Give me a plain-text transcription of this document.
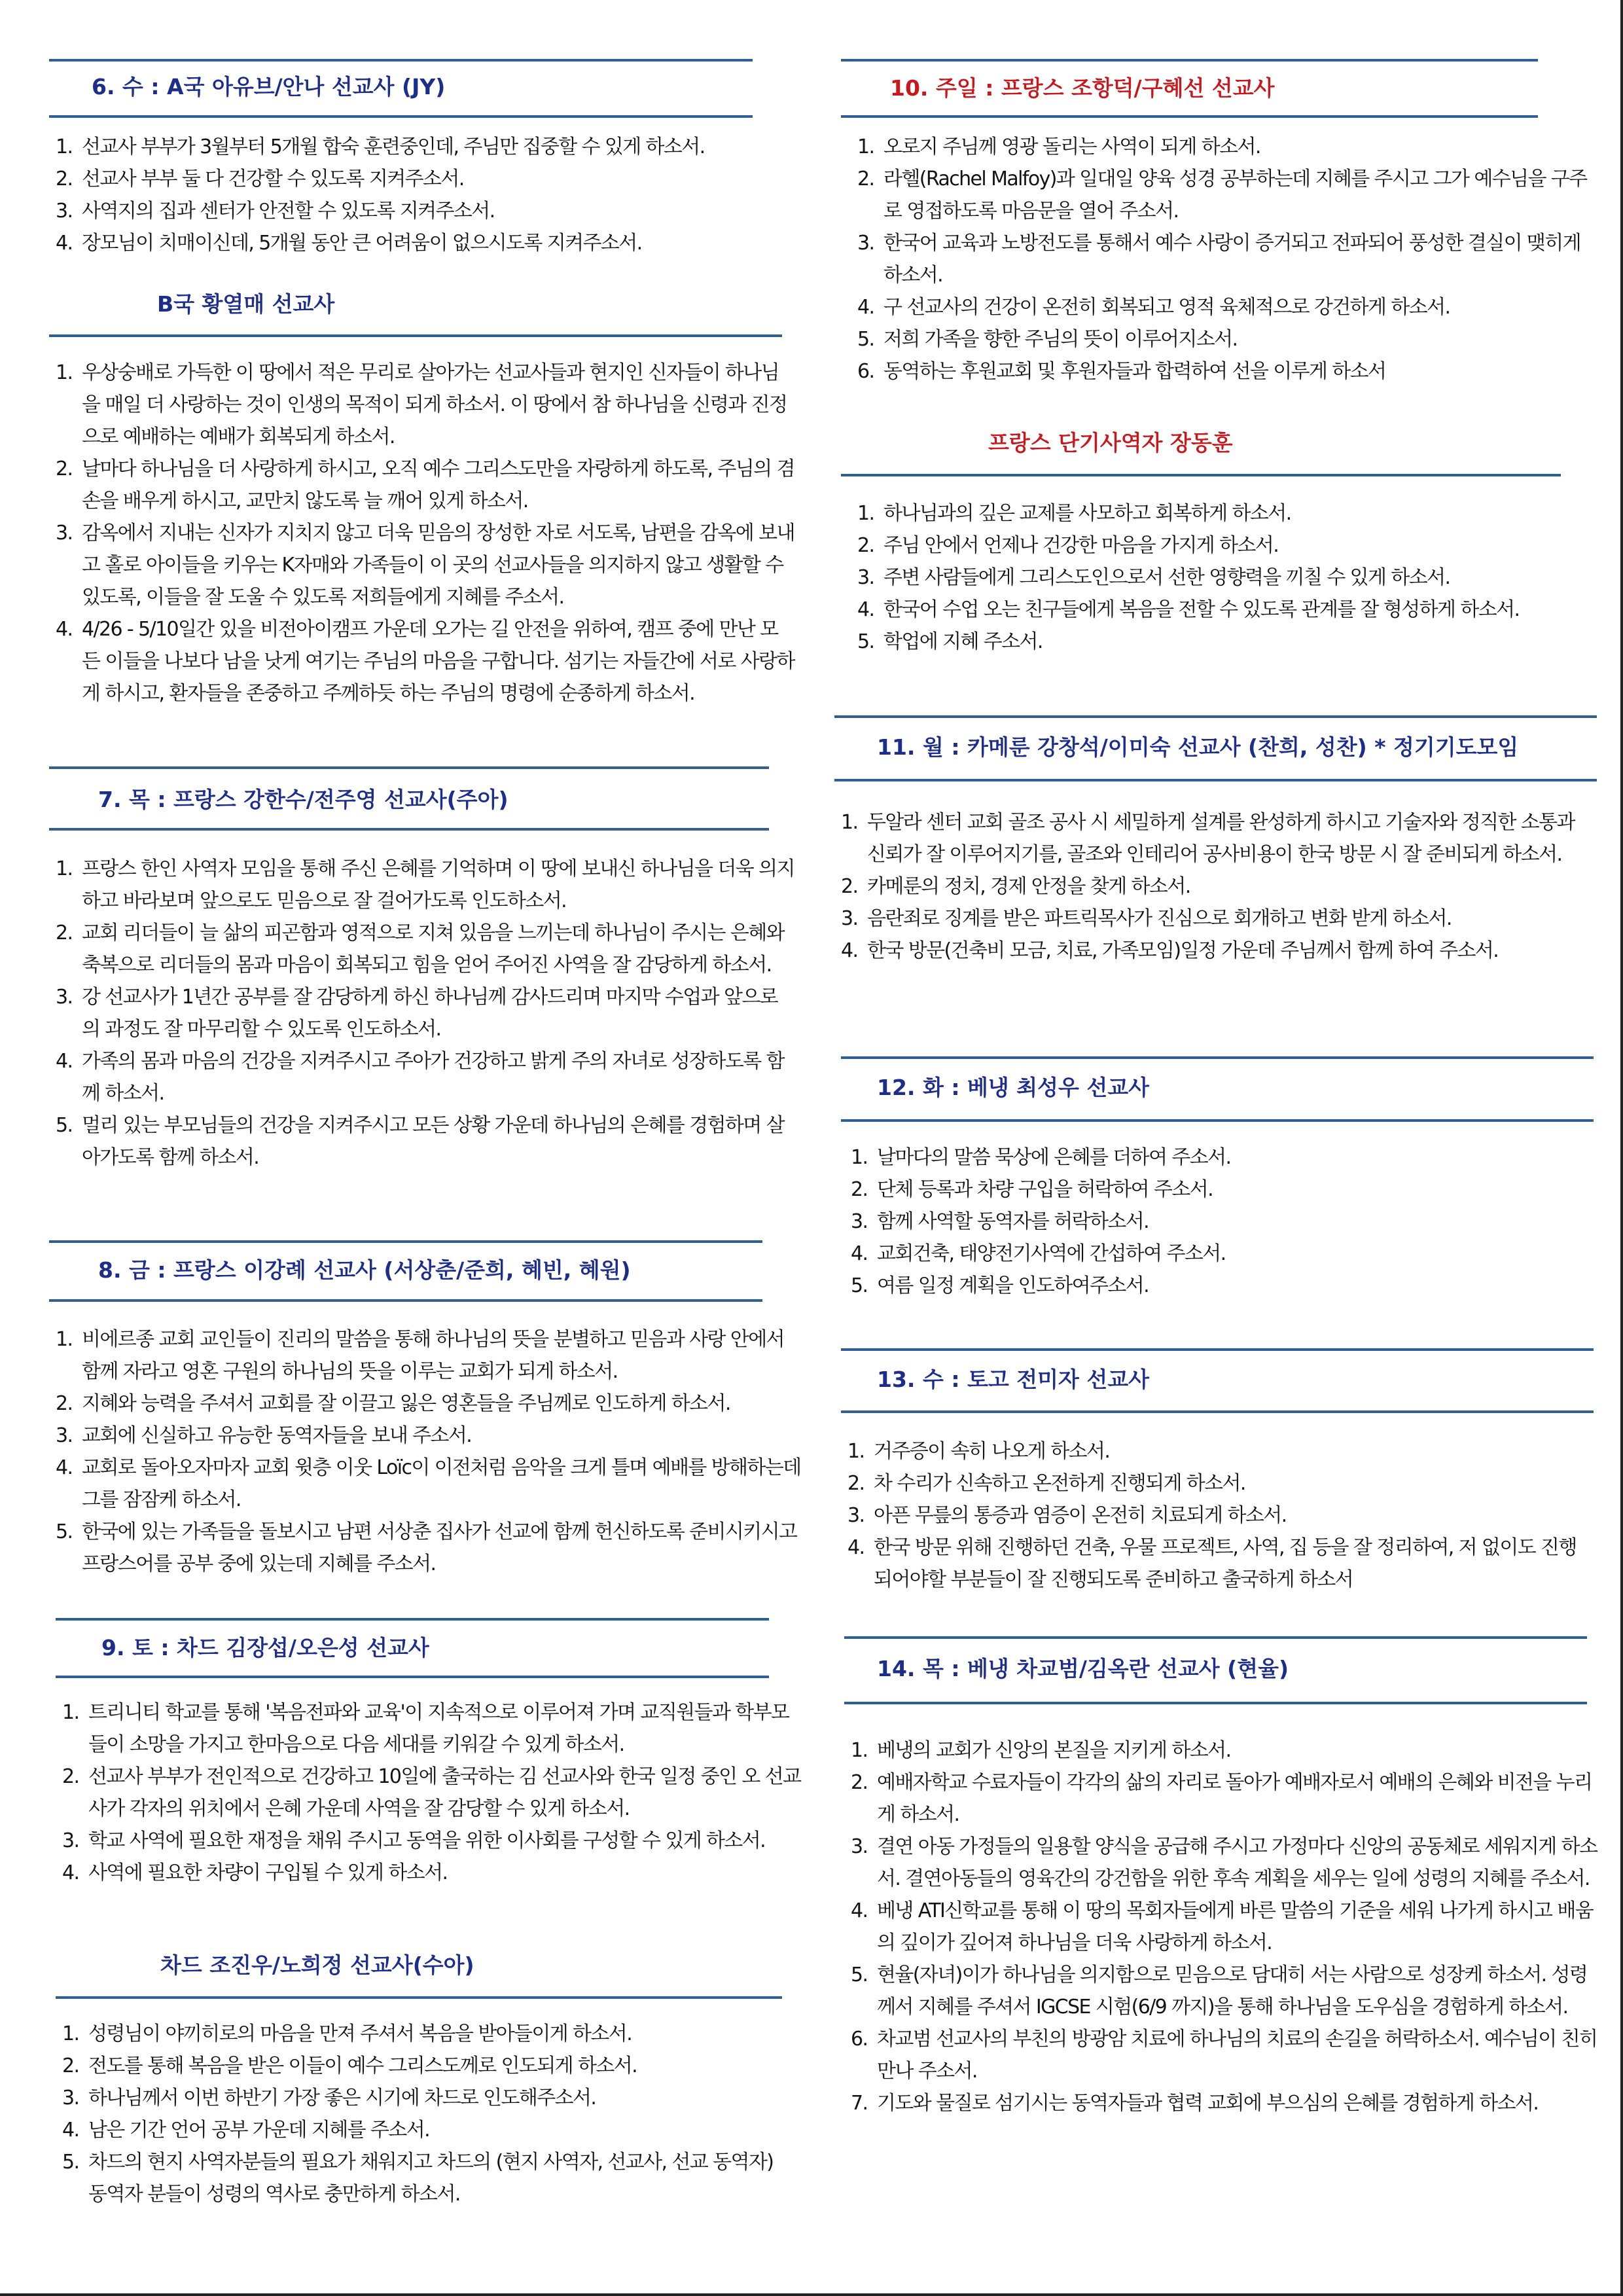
6. 수 : A국 아유브/안나 선교사 (JY)
1. 선교사 부부가 3월부터 5개월 합숙 훈련중인데, 주님만 집중할 수 있게 하소서.
2. 선교사 부부 둘 다 건강할 수 있도록 지켜주소서.
3. 사역지의 집과 센터가 안전할 수 있도록 지켜주소서.
4. 장모님이 치매이신데, 5개월 동안 큰 어려움이 없으시도록 지켜주소서.
B국 황열매 선교사
1. 우상숭배로 가득한 이 땅에서 적은 무리로 살아가는 선교사들과 현지인 신자들이 하나님을 매일 더 사랑하는 것이 인생의 목적이 되게 하소서. 이 땅에서 참 하나님을 신령과 진정으로 예배하는 예배가 회복되게 하소서.
2. 날마다 하나님을 더 사랑하게 하시고, 오직 예수 그리스도만을 자랑하게 하도록, 주님의 겸손을 배우게 하시고, 교만치 않도록 늘 깨어 있게 하소서.
3. 감옥에서 지내는 신자가 지치지 않고 더욱 믿음의 장성한 자로 서도록, 남편을 감옥에 보내고 홀로 아이들을 키우는 K자매와 가족들이 이 곳의 선교사들을 의지하지 않고 생활할 수 있도록, 이들을 잘 도울 수 있도록 저희들에게 지혜를 주소서.
4. 4/26 - 5/10일간 있을 비전아이캠프 가운데 오가는 길 안전을 위하여, 캠프 중에 만난 모든 이들을 나보다 남을 낫게 여기는 주님의 마음을 구합니다. 섬기는 자들간에 서로 사랑하게 하시고, 환자들을 존중하고 주께하듯 하는 주님의 명령에 순종하게 하소서.
7. 목 : 프랑스 강한수/전주영 선교사(주아)
1. 프랑스 한인 사역자 모임을 통해 주신 은혜를 기억하며 이 땅에 보내신 하나님을 더욱 의지하고 바라보며 앞으로도 믿음으로 잘 걸어가도록 인도하소서.
2. 교회 리더들이 늘 삶의 피곤함과 영적으로 지쳐 있음을 느끼는데 하나님이 주시는 은혜와 축복으로 리더들의 몸과 마음이 회복되고 힘을 얻어 주어진 사역을 잘 감당하게 하소서.
3. 강 선교사가 1년간 공부를 잘 감당하게 하신 하나님께 감사드리며 마지막 수업과 앞으로의 과정도 잘 마무리할 수 있도록 인도하소서.
4. 가족의 몸과 마음의 건강을 지켜주시고 주아가 건강하고 밝게 주의 자녀로 성장하도록 함께 하소서.
5. 멀리 있는 부모님들의 건강을 지켜주시고 모든 상황 가운데 하나님의 은혜를 경험하며 살아가도록 함께 하소서.
8. 금 : 프랑스 이강례 선교사 (서상춘/준희, 혜빈, 혜원)
1. 비에르종 교회 교인들이 진리의 말씀을 통해 하나님의 뜻을 분별하고 믿음과 사랑 안에서 함께 자라고 영혼 구원의 하나님의 뜻을 이루는 교회가 되게 하소서.
2. 지혜와 능력을 주셔서 교회를 잘 이끌고 잃은 영혼들을 주님께로 인도하게 하소서.
3. 교회에 신실하고 유능한 동역자들을 보내 주소서.
4. 교회로 돌아오자마자 교회 윗층 이웃 Loïc이 이전처럼 음악을 크게 틀며 예배를 방해하는데 그를 잠잠케 하소서.
5. 한국에 있는 가족들을 돌보시고 남편 서상춘 집사가 선교에 함께 헌신하도록 준비시키시고 프랑스어를 공부 중에 있는데 지혜를 주소서.
9. 토 : 차드 김장섭/오은성 선교사
1. 트리니티 학교를 통해 '복음전파와 교육'이 지속적으로 이루어져 가며 교직원들과 학부모들이 소망을 가지고 한마음으로 다음 세대를 키워갈 수 있게 하소서.
2. 선교사 부부가 전인적으로 건강하고 10일에 출국하는 김 선교사와 한국 일정 중인 오 선교사가 각자의 위치에서 은혜 가운데 사역을 잘 감당할 수 있게 하소서.
3. 학교 사역에 필요한 재정을 채워 주시고 동역을 위한 이사회를 구성할 수 있게 하소서.
4. 사역에 필요한 차량이 구입될 수 있게 하소서.
차드 조진우/노희정 선교사(수아)
1. 성령님이 야끼히로의 마음을 만져 주셔서 복음을 받아들이게 하소서.
2. 전도를 통해 복음을 받은 이들이 예수 그리스도께로 인도되게 하소서.
3. 하나님께서 이번 하반기 가장 좋은 시기에 차드로 인도해주소서.
4. 남은 기간 언어 공부 가운데 지혜를 주소서.
5. 차드의 현지 사역자분들의 필요가 채워지고 차드의 (현지 사역자, 선교사, 선교 동역자) 동역자 분들이 성령의 역사로 충만하게 하소서.
10. 주일 : 프랑스 조항덕/구혜선 선교사
1. 오로지 주님께 영광 돌리는 사역이 되게 하소서.
2. 라헬(Rachel Malfoy)과 일대일 양육 성경 공부하는데 지혜를 주시고 그가 예수님을 구주로 영접하도록 마음문을 열어 주소서.
3. 한국어 교육과 노방전도를 통해서 예수 사랑이 증거되고 전파되어 풍성한 결실이 맺히게 하소서.
4. 구 선교사의 건강이 온전히 회복되고 영적 육체적으로 강건하게 하소서.
5. 저희 가족을 향한 주님의 뜻이 이루어지소서.
6. 동역하는 후원교회 및 후원자들과 합력하여 선을 이루게 하소서
프랑스 단기사역자 장동훈
1. 하나님과의 깊은 교제를 사모하고 회복하게 하소서.
2. 주님 안에서 언제나 건강한 마음을 가지게 하소서.
3. 주변 사람들에게 그리스도인으로서 선한 영향력을 끼칠 수 있게 하소서.
4. 한국어 수업 오는 친구들에게 복음을 전할 수 있도록 관계를 잘 형성하게 하소서.
5. 학업에 지혜 주소서.
11. 월 : 카메룬 강창석/이미숙 선교사 (찬희, 성찬) * 정기기도모임
1. 두알라 센터 교회 골조 공사 시 세밀하게 설계를 완성하게 하시고 기술자와 정직한 소통과 신뢰가 잘 이루어지기를, 골조와 인테리어 공사비용이 한국 방문 시 잘 준비되게 하소서.
2. 카메룬의 정치, 경제 안정을 찾게 하소서.
3. 음란죄로 징계를 받은 파트릭목사가 진심으로 회개하고 변화 받게 하소서.
4. 한국 방문(건축비 모금, 치료, 가족모임)일정 가운데 주님께서 함께 하여 주소서.
12. 화 : 베냉 최성우 선교사
1. 날마다의 말씀 묵상에 은혜를 더하여 주소서.
2. 단체 등록과 차량 구입을 허락하여 주소서.
3. 함께 사역할 동역자를 허락하소서.
4. 교회건축, 태양전기사역에 간섭하여 주소서.
5. 여름 일정 계획을 인도하여주소서.
13. 수 : 토고 전미자 선교사
1. 거주증이 속히 나오게 하소서.
2. 차 수리가 신속하고 온전하게 진행되게 하소서.
3. 아픈 무릎의 통증과 염증이 온전히 치료되게 하소서.
4. 한국 방문 위해 진행하던 건축, 우물 프로젝트, 사역, 집 등을 잘 정리하여, 저 없이도 진행 되어야할 부분들이 잘 진행되도록 준비하고 출국하게 하소서
14. 목 : 베냉 차교범/김옥란 선교사 (현율)
1. 베냉의 교회가 신앙의 본질을 지키게 하소서.
2. 예배자학교 수료자들이 각각의 삶의 자리로 돌아가 예배자로서 예배의 은혜와 비전을 누리게 하소서.
3. 결연 아동 가정들의 일용할 양식을 공급해 주시고 가정마다 신앙의 공동체로 세워지게 하소서. 결연아동들의 영육간의 강건함을 위한 후속 계획을 세우는 일에 성령의 지혜를 주소서.
4. 베냉 ATI신학교를 통해 이 땅의 목회자들에게 바른 말씀의 기준을 세워 나가게 하시고 배움의 깊이가 깊어져 하나님을 더욱 사랑하게 하소서.
5. 현율(자녀)이가 하나님을 의지함으로 믿음으로 담대히 서는 사람으로 성장케 하소서. 성령께서 지혜를 주셔서 IGCSE 시험(6/9 까지)을 통해 하나님을 도우심을 경험하게 하소서.
6. 차교범 선교사의 부친의 방광암 치료에 하나님의 치료의 손길을 허락하소서. 예수님이 친히 만나 주소서.
7. 기도와 물질로 섬기시는 동역자들과 협력 교회에 부으심의 은혜를 경험하게 하소서.
